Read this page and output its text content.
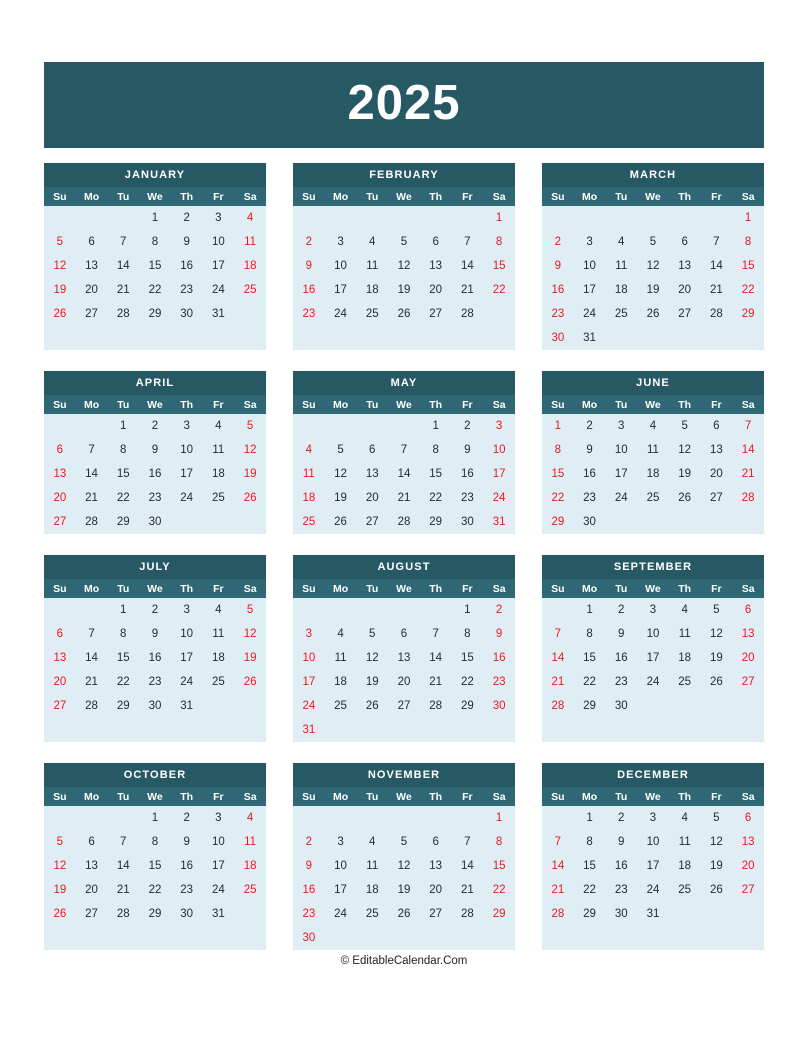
2025
JANUARY
Su	Mo	Tu	We	Th	Fr	Sa
			1	2	3	4
5	6	7	8	9	10	11
12	13	14	15	16	17	18
19	20	21	22	23	24	25
26	27	28	29	30	31	
FEBRUARY
Su	Mo	Tu	We	Th	Fr	Sa
						1
2	3	4	5	6	7	8
9	10	11	12	13	14	15
16	17	18	19	20	21	22
23	24	25	26	27	28	
MARCH
Su	Mo	Tu	We	Th	Fr	Sa
						1
2	3	4	5	6	7	8
9	10	11	12	13	14	15
16	17	18	19	20	21	22
23	24	25	26	27	28	29
30	31					
APRIL
Su	Mo	Tu	We	Th	Fr	Sa
		1	2	3	4	5
6	7	8	9	10	11	12
13	14	15	16	17	18	19
20	21	22	23	24	25	26
27	28	29	30			
MAY
Su	Mo	Tu	We	Th	Fr	Sa
				1	2	3
4	5	6	7	8	9	10
11	12	13	14	15	16	17
18	19	20	21	22	23	24
25	26	27	28	29	30	31
JUNE
Su	Mo	Tu	We	Th	Fr	Sa
1	2	3	4	5	6	7
8	9	10	11	12	13	14
15	16	17	18	19	20	21
22	23	24	25	26	27	28
29	30					
JULY
Su	Mo	Tu	We	Th	Fr	Sa
		1	2	3	4	5
6	7	8	9	10	11	12
13	14	15	16	17	18	19
20	21	22	23	24	25	26
27	28	29	30	31		
AUGUST
Su	Mo	Tu	We	Th	Fr	Sa
					1	2
3	4	5	6	7	8	9
10	11	12	13	14	15	16
17	18	19	20	21	22	23
24	25	26	27	28	29	30
31						
SEPTEMBER
Su	Mo	Tu	We	Th	Fr	Sa
	1	2	3	4	5	6
7	8	9	10	11	12	13
14	15	16	17	18	19	20
21	22	23	24	25	26	27
28	29	30				
OCTOBER
Su	Mo	Tu	We	Th	Fr	Sa
			1	2	3	4
5	6	7	8	9	10	11
12	13	14	15	16	17	18
19	20	21	22	23	24	25
26	27	28	29	30	31	
NOVEMBER
Su	Mo	Tu	We	Th	Fr	Sa
						1
2	3	4	5	6	7	8
9	10	11	12	13	14	15
16	17	18	19	20	21	22
23	24	25	26	27	28	29
30						
DECEMBER
Su	Mo	Tu	We	Th	Fr	Sa
	1	2	3	4	5	6
7	8	9	10	11	12	13
14	15	16	17	18	19	20
21	22	23	24	25	26	27
28	29	30	31			
© EditableCalendar.Com
